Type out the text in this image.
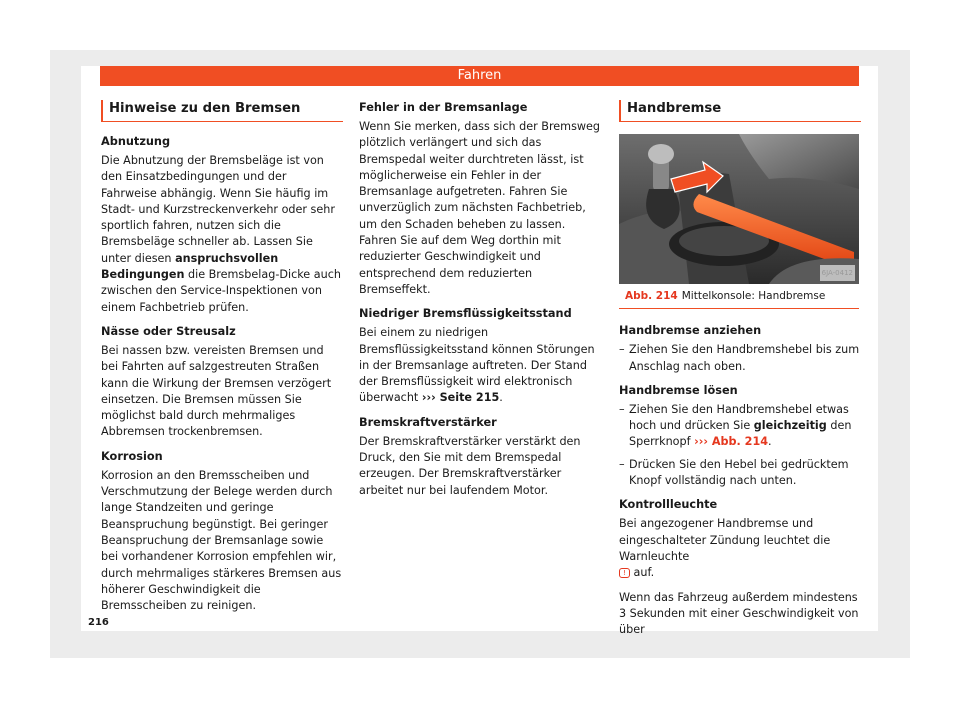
Fahren
Hinweise zu den Bremsen
Abnutzung

Die Abnutzung der Bremsbeläge ist von den Einsatzbedingungen und der Fahrweise abhängig. Wenn Sie häufig im Stadt- und Kurzstreckenverkehr oder sehr sportlich fahren, nutzen sich die Bremsbeläge schneller ab. Lassen Sie unter diesen anspruchsvollen Bedingungen die Bremsbelag-Dicke auch zwischen den Service-Inspektionen von einem Fachbetrieb prüfen.

Nässe oder Streusalz

Bei nassen bzw. vereisten Bremsen und bei Fahrten auf salzgestreuten Straßen kann die Wirkung der Bremsen verzögert einsetzen. Die Bremsen müssen Sie möglichst bald durch mehrmaliges Abbremsen trockenbremsen.

Korrosion

Korrosion an den Bremsscheiben und Verschmutzung der Belege werden durch lange Standzeiten und geringe Beanspruchung begünstigt. Bei geringer Beanspruchung der Bremsanlage sowie bei vorhandener Korrosion empfehlen wir, durch mehrmaliges stärkeres Bremsen aus höherer Geschwindigkeit die Bremsscheiben zu reinigen.

Fehler in der Bremsanlage

Wenn Sie merken, dass sich der Bremsweg plötzlich verlängert und sich das Bremspedal weiter durchtreten lässt, ist möglicherweise ein Fehler in der Bremsanlage aufgetreten. Fahren Sie unverzüglich zum nächsten Fachbetrieb, um den Schaden beheben zu lassen. Fahren Sie auf dem Weg dorthin mit reduzierter Geschwindigkeit und entsprechend dem reduzierten Bremseffekt.

Niedriger Bremsflüssigkeitsstand

Bei einem zu niedrigen Bremsflüssigkeitsstand können Störungen in der Bremsanlage auftreten. Der Stand der Bremsflüssigkeit wird elektronisch überwacht ››› Seite 215.

Bremskraftverstärker

Der Bremskraftverstärker verstärkt den Druck, den Sie mit dem Bremspedal erzeugen. Der Bremskraftverstärker arbeitet nur bei laufendem Motor.

Handbremse
6JA-0412
Abb. 214 Mittelkonsole: Handbremse
Handbremse anziehen
– Ziehen Sie den Handbremshebel bis zum Anschlag nach oben.
Handbremse lösen
– Ziehen Sie den Handbremshebel etwas hoch und drücken Sie gleichzeitig den Sperrknopf ››› Abb. 214.
– Drücken Sie den Hebel bei gedrücktem Knopf vollständig nach unten.
Kontrollleuchte

Bei angezogener Handbremse und eingeschalteter Zündung leuchtet die Warnleuchte
! auf.

Wenn das Fahrzeug außerdem mindestens 3 Sekunden mit einer Geschwindigkeit von über

216
